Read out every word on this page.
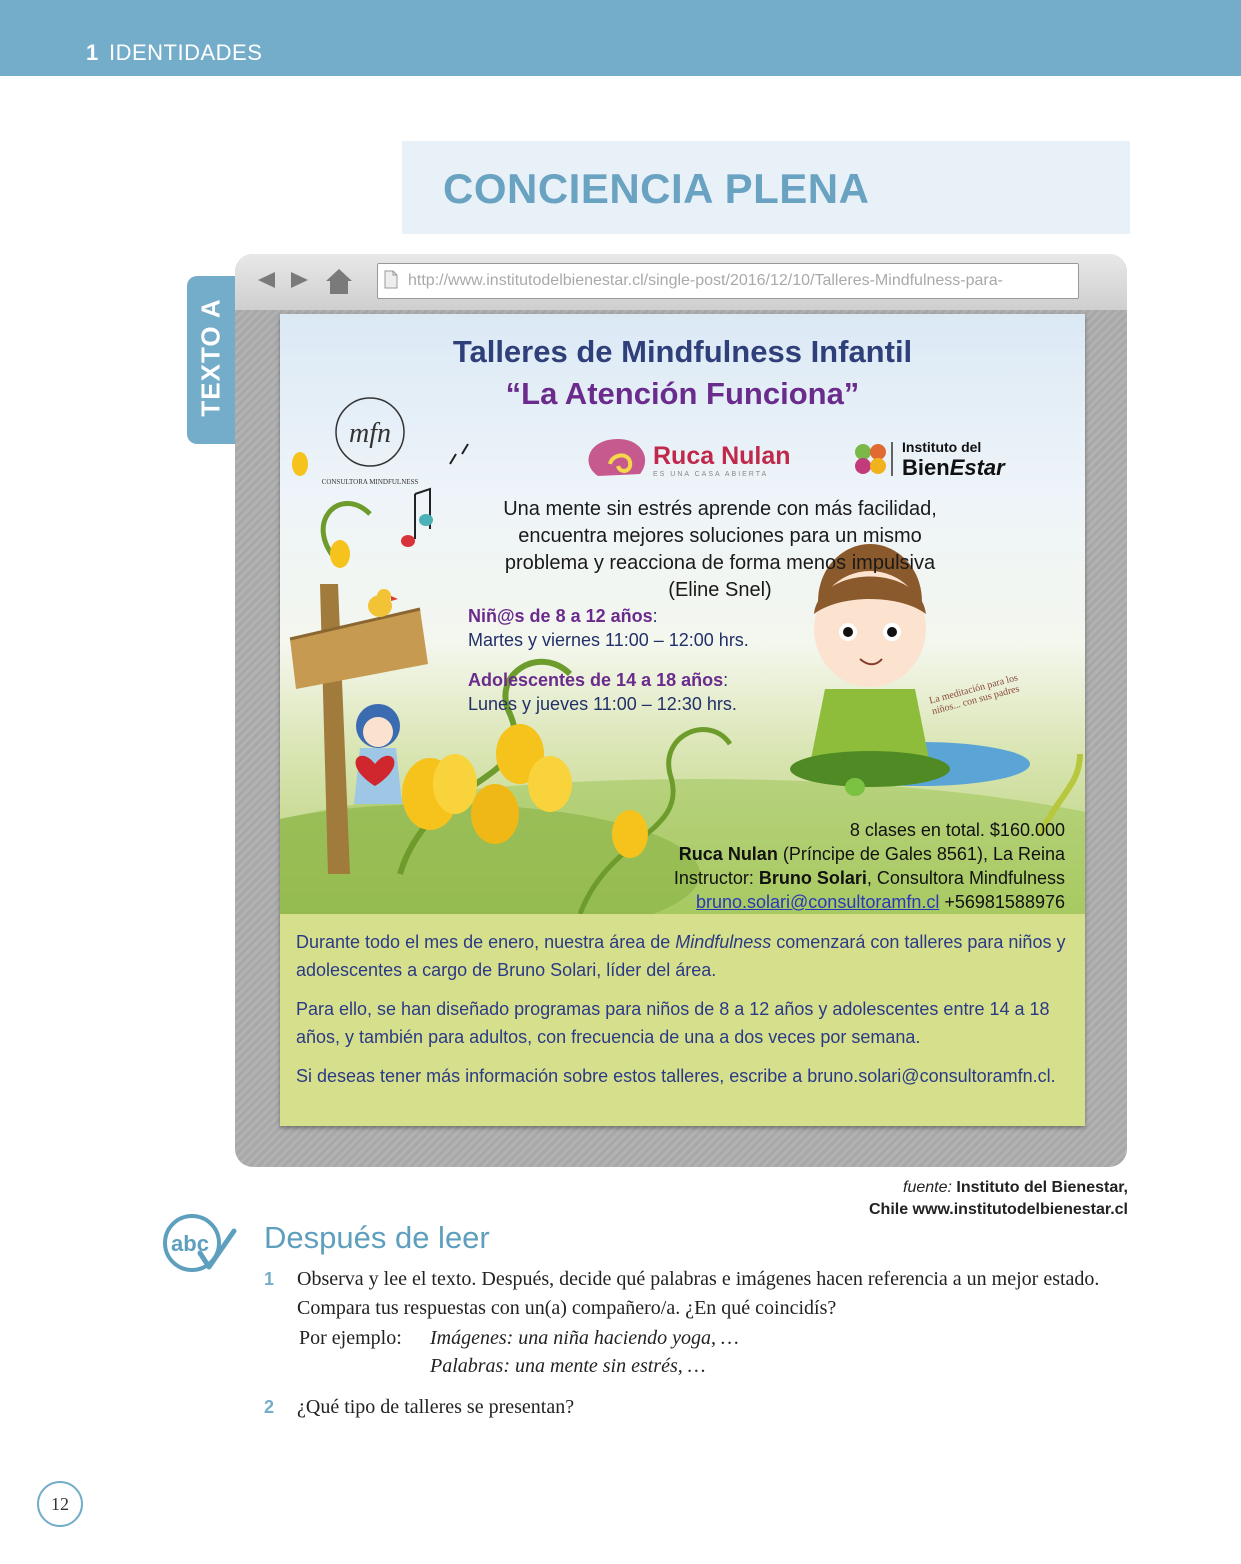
1 IDENTIDADES
CONCIENCIA PLENA
TEXTO A
http://www.institutodelbienestar.cl/single-post/2016/12/10/Talleres-Mindfulness-para-
mfn
CONSULTORA MINDFULNESS
Talleres de Mindfulness Infantil
“La Atención Funciona”
Ruca Nulan
ES UNA CASA ABIERTA
Instituto del
BienEstar
Una mente sin estrés aprende con más facilidad,
encuentra mejores soluciones para un mismo
problema y reacciona de forma menos impulsiva
(Eline Snel)
Niñ@s de 8 a 12 años:
Martes y viernes 11:00 – 12:00 hrs.
Adolescentes de 14 a 18 años:
Lunes y jueves 11:00 – 12:30 hrs.	La meditación para los niños... con sus padres
8 clases en total. $160.000
Ruca Nulan (Príncipe de Gales 8561), La Reina
Instructor: Bruno Solari, Consultora Mindfulness
bruno.solari@consultoramfn.cl +56981588976

Durante todo el mes de enero, nuestra área de Mindfulness comenzará con talleres para niños y adolescentes a cargo de Bruno Solari, líder del área.

Para ello, se han diseñado programas para niños de 8 a 12 años y adolescentes entre 14 a 18 años, y también para adultos, con frecuencia de una a dos veces por semana.

Si deseas tener más información sobre estos talleres, escribe a bruno.solari@consultoramfn.cl.

fuente: Instituto del Bienestar,
Chile www.institutodelbienestar.cl
abc Después de leer
1 Observa y lee el texto. Después, decide qué palabras e imágenes hacen referencia a un mejor estado. Compara tus respuestas con un(a) compañero/a. ¿En qué coincidís?
Por ejemplo: Imágenes: una niña haciendo yoga, …
Palabras: una mente sin estrés, …
2 ¿Qué tipo de talleres se presentan?
12
